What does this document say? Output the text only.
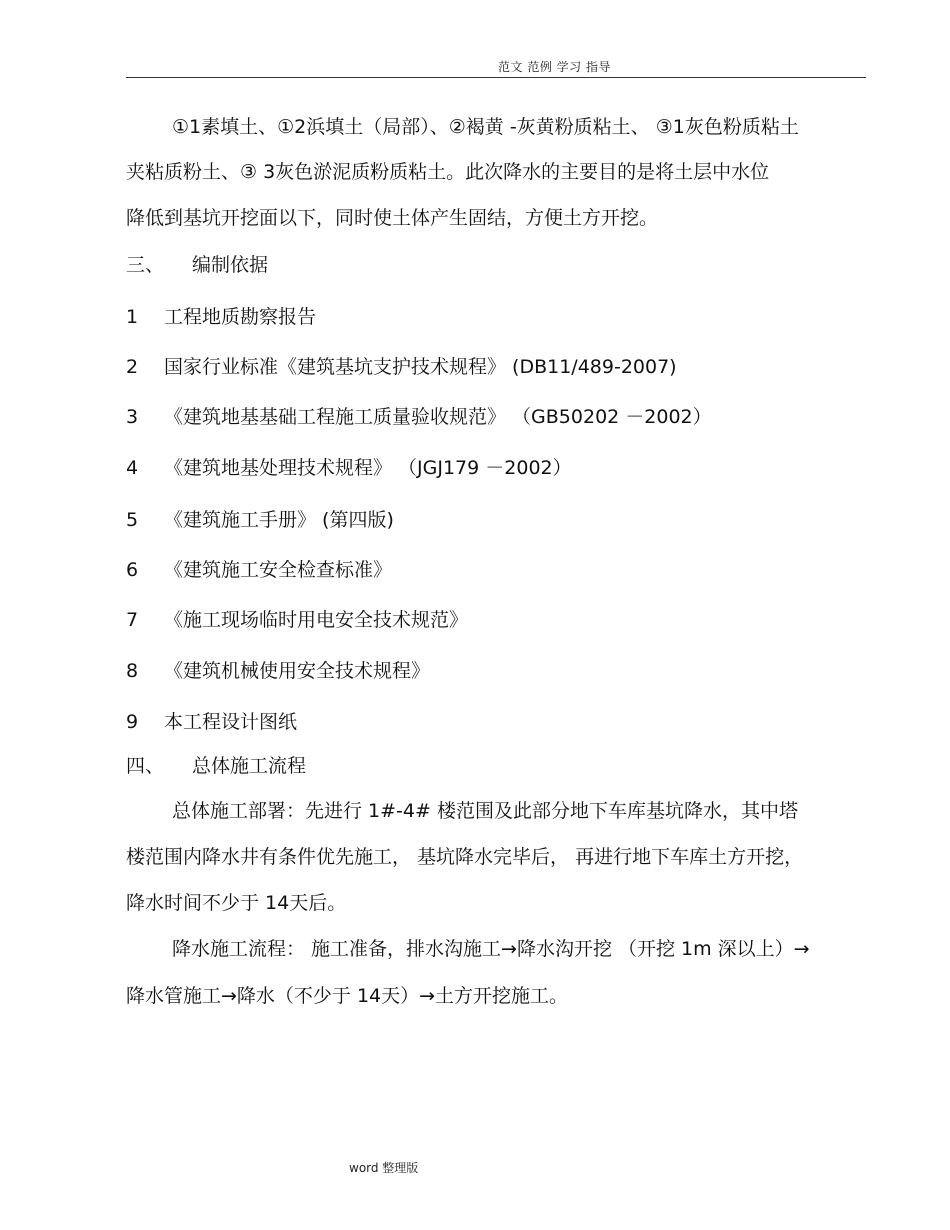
范文 范例 学习 指导
①1素填土、①2浜填土（局部）、②褐黄 -灰黄粉质粘土、 ③1灰色粉质粘土
夹粘质粉土、③ 3灰色淤泥质粉质粘土。此次降水的主要目的是将土层中水位
降低到基坑开挖面以下，同时使土体产生固结，方便土方开挖。
三、 编制依据
1 工程地质勘察报告
2 国家行业标准《建筑基坑支护技术规程》 (DB11/489-2007)
3 《建筑地基基础工程施工质量验收规范》 （GB50202 －2002）
4 《建筑地基处理技术规程》 （JGJ179 －2002）
5 《建筑施工手册》 (第四版)
6 《建筑施工安全检查标准》
7 《施工现场临时用电安全技术规范》
8 《建筑机械使用安全技术规程》
9 本工程设计图纸
四、 总体施工流程
总体施工部署：先进行 1#-4# 楼范围及此部分地下车库基坑降水，其中塔
楼范围内降水井有条件优先施工， 基坑降水完毕后， 再进行地下车库土方开挖，
降水时间不少于 14天后。
降水施工流程： 施工准备，排水沟施工→降水沟开挖 （开挖 1m 深以上）→
降水管施工→降水（不少于 14天）→土方开挖施工。
word 整理版
